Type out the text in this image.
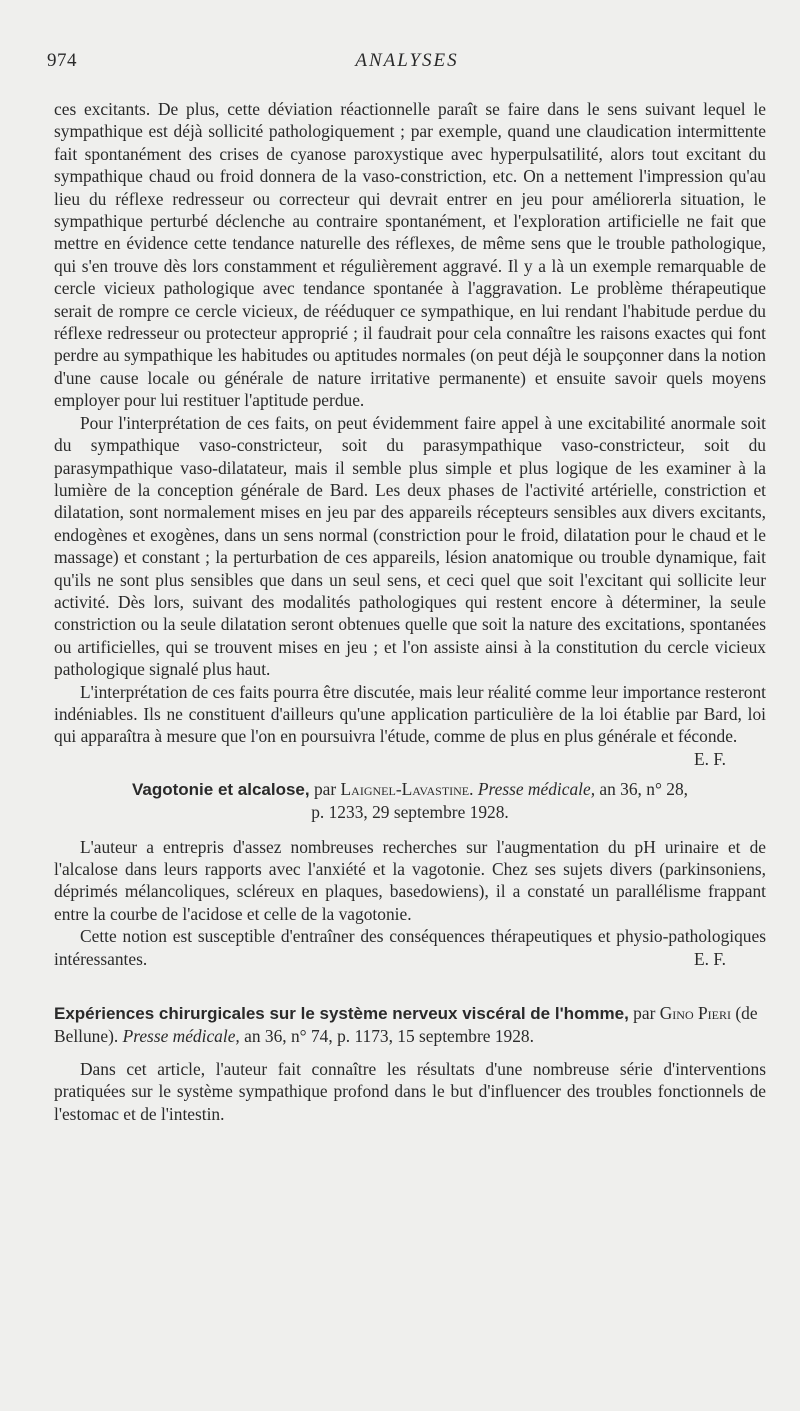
974	ANALYSES

ces excitants. De plus, cette déviation réactionnelle paraît se faire dans le sens suivant lequel le sympathique est déjà sollicité pathologiquement ; par exemple, quand une claudication intermittente fait spontanément des crises de cyanose paroxystique avec hyperpulsatilité, alors tout excitant du sympathique chaud ou froid donnera de la vaso-constriction, etc. On a nettement l'impression qu'au lieu du réflexe redresseur ou correcteur qui devrait entrer en jeu pour améliorerla situation, le sympathique perturbé déclenche au contraire spontanément, et l'exploration artificielle ne fait que mettre en évidence cette tendance naturelle des réflexes, de même sens que le trouble pathologique, qui s'en trouve dès lors constamment et régulièrement aggravé. Il y a là un exemple remarquable de cercle vicieux pathologique avec tendance spontanée à l'aggravation. Le problème thérapeutique serait de rompre ce cercle vicieux, de rééduquer ce sympathique, en lui rendant l'habitude perdue du réflexe redresseur ou protecteur approprié ; il faudrait pour cela connaître les raisons exactes qui font perdre au sympathique les habitudes ou aptitudes normales (on peut déjà le soupçonner dans la notion d'une cause locale ou générale de nature irritative permanente) et ensuite savoir quels moyens employer pour lui restituer l'aptitude perdue.

Pour l'interprétation de ces faits, on peut évidemment faire appel à une excitabilité anormale soit du sympathique vaso-constricteur, soit du parasympathique vaso-constricteur, soit du parasympathique vaso-dilatateur, mais il semble plus simple et plus logique de les examiner à la lumière de la conception générale de Bard. Les deux phases de l'activité artérielle, constriction et dilatation, sont normalement mises en jeu par des appareils récepteurs sensibles aux divers excitants, endogènes et exogènes, dans un sens normal (constriction pour le froid, dilatation pour le chaud et le massage) et constant ; la perturbation de ces appareils, lésion anatomique ou trouble dynamique, fait qu'ils ne sont plus sensibles que dans un seul sens, et ceci quel que soit l'excitant qui sollicite leur activité. Dès lors, suivant des modalités pathologiques qui restent encore à déterminer, la seule constriction ou la seule dilatation seront obtenues quelle que soit la nature des excitations, spontanées ou artificielles, qui se trouvent mises en jeu ; et l'on assiste ainsi à la constitution du cercle vicieux pathologique signalé plus haut.

L'interprétation de ces faits pourra être discutée, mais leur réalité comme leur importance resteront indéniables. Ils ne constituent d'ailleurs qu'une application particulière de la loi établie par Bard, loi qui apparaîtra à mesure que l'on en poursuivra l'étude, comme de plus en plus générale et féconde.
E. F.

Vagotonie et alcalose, par Laignel-Lavastine. Presse médicale, an 36, n° 28,
p. 1233, 29 septembre 1928.

L'auteur a entrepris d'assez nombreuses recherches sur l'augmentation du pH urinaire et de l'alcalose dans leurs rapports avec l'anxiété et la vagotonie. Chez ses sujets divers (parkinsoniens, déprimés mélancoliques, scléreux en plaques, basedowiens), il a constaté un parallélisme frappant entre la courbe de l'acidose et celle de la vagotonie.

Cette notion est susceptible d'entraîner des conséquences thérapeutiques et physio-pathologiques intéressantes.	E. F.

Expériences chirurgicales sur le système nerveux viscéral de l'homme, par Gino Pieri (de Bellune). Presse médicale, an 36, n° 74, p. 1173, 15 septembre 1928.

Dans cet article, l'auteur fait connaître les résultats d'une nombreuse série d'interventions pratiquées sur le système sympathique profond dans le but d'influencer des troubles fonctionnels de l'estomac et de l'intestin.
